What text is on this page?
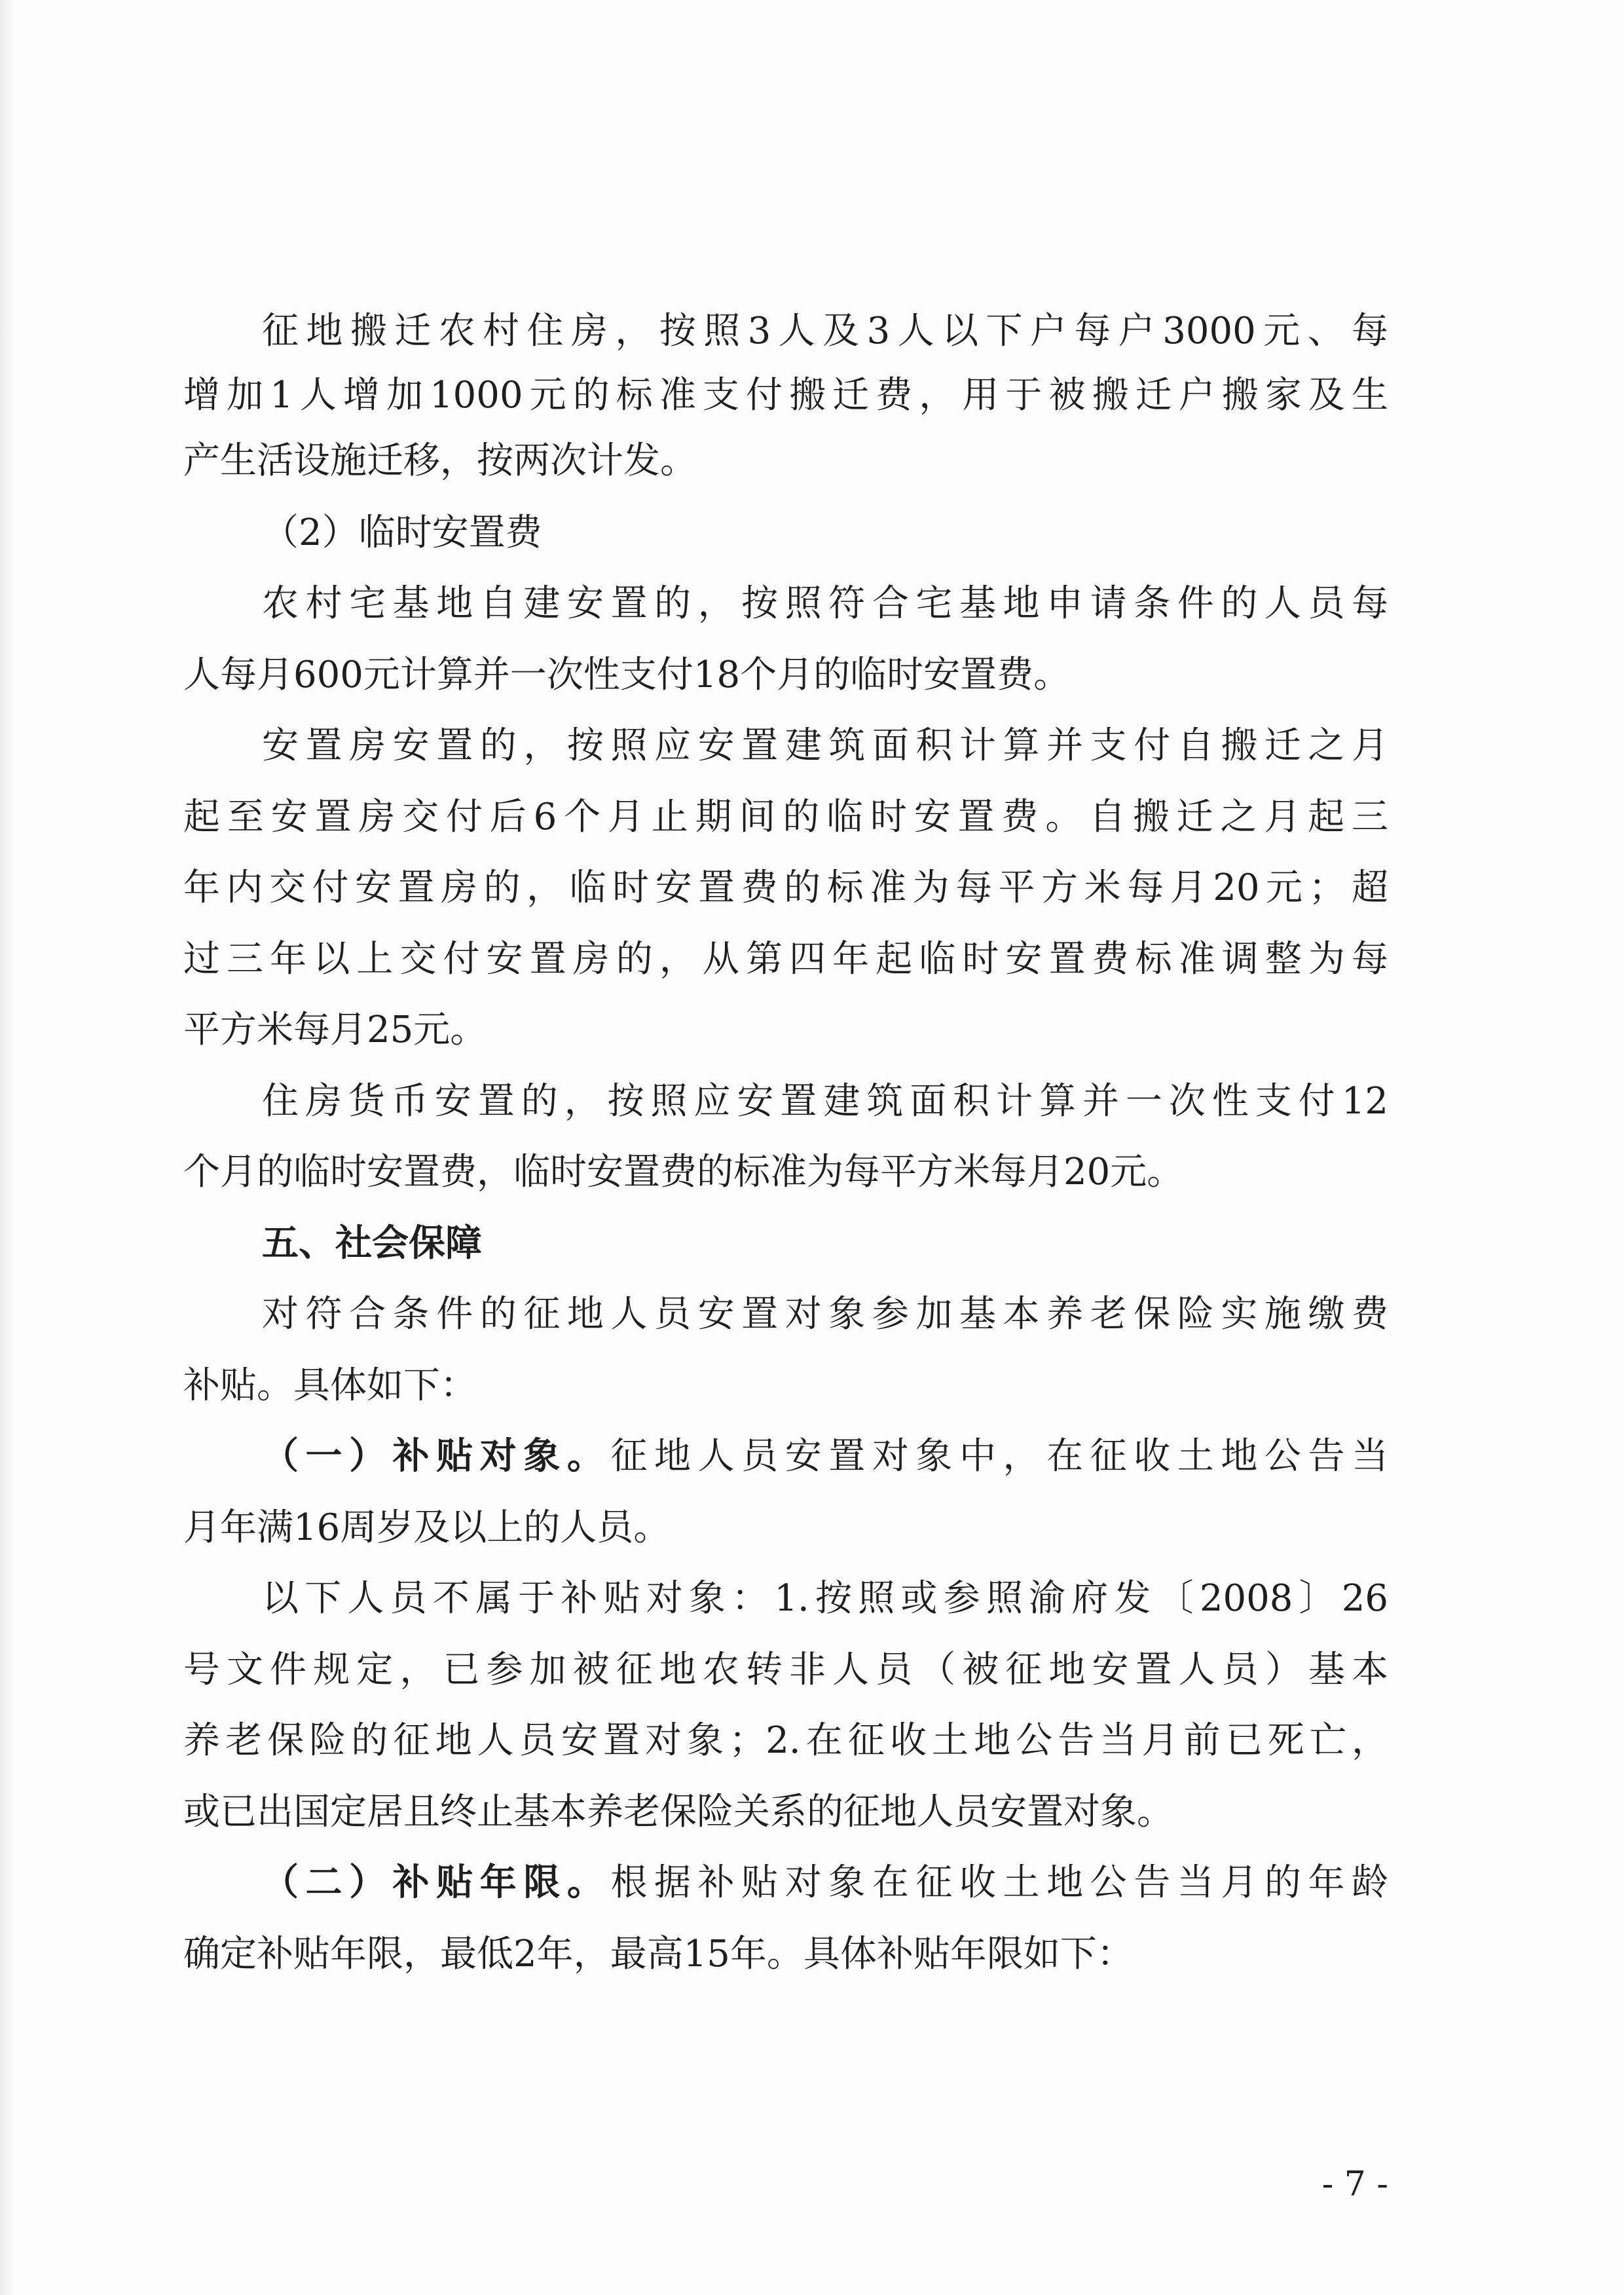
征地搬迁农村住房，按照3人及3人以下户每户3000元、每
增加1人增加1000元的标准支付搬迁费，用于被搬迁户搬家及生
产生活设施迁移，按两次计发。
（2）临时安置费
农村宅基地自建安置的，按照符合宅基地申请条件的人员每
人每月600元计算并一次性支付18个月的临时安置费。
安置房安置的，按照应安置建筑面积计算并支付自搬迁之月
起至安置房交付后6个月止期间的临时安置费。自搬迁之月起三
年内交付安置房的，临时安置费的标准为每平方米每月20元；超
过三年以上交付安置房的，从第四年起临时安置费标准调整为每
平方米每月25元。
住房货币安置的，按照应安置建筑面积计算并一次性支付12
个月的临时安置费，临时安置费的标准为每平方米每月20元。
五、社会保障
对符合条件的征地人员安置对象参加基本养老保险实施缴费
补贴。具体如下：
（一）补贴对象。征地人员安置对象中，在征收土地公告当
月年满16周岁及以上的人员。
以下人员不属于补贴对象：1.按照或参照渝府发〔2008〕26
号文件规定，已参加被征地农转非人员（被征地安置人员）基本
养老保险的征地人员安置对象；2.在征收土地公告当月前已死亡，
或已出国定居且终止基本养老保险关系的征地人员安置对象。
（二）补贴年限。根据补贴对象在征收土地公告当月的年龄
确定补贴年限，最低2年，最高15年。具体补贴年限如下：
- 7 -
